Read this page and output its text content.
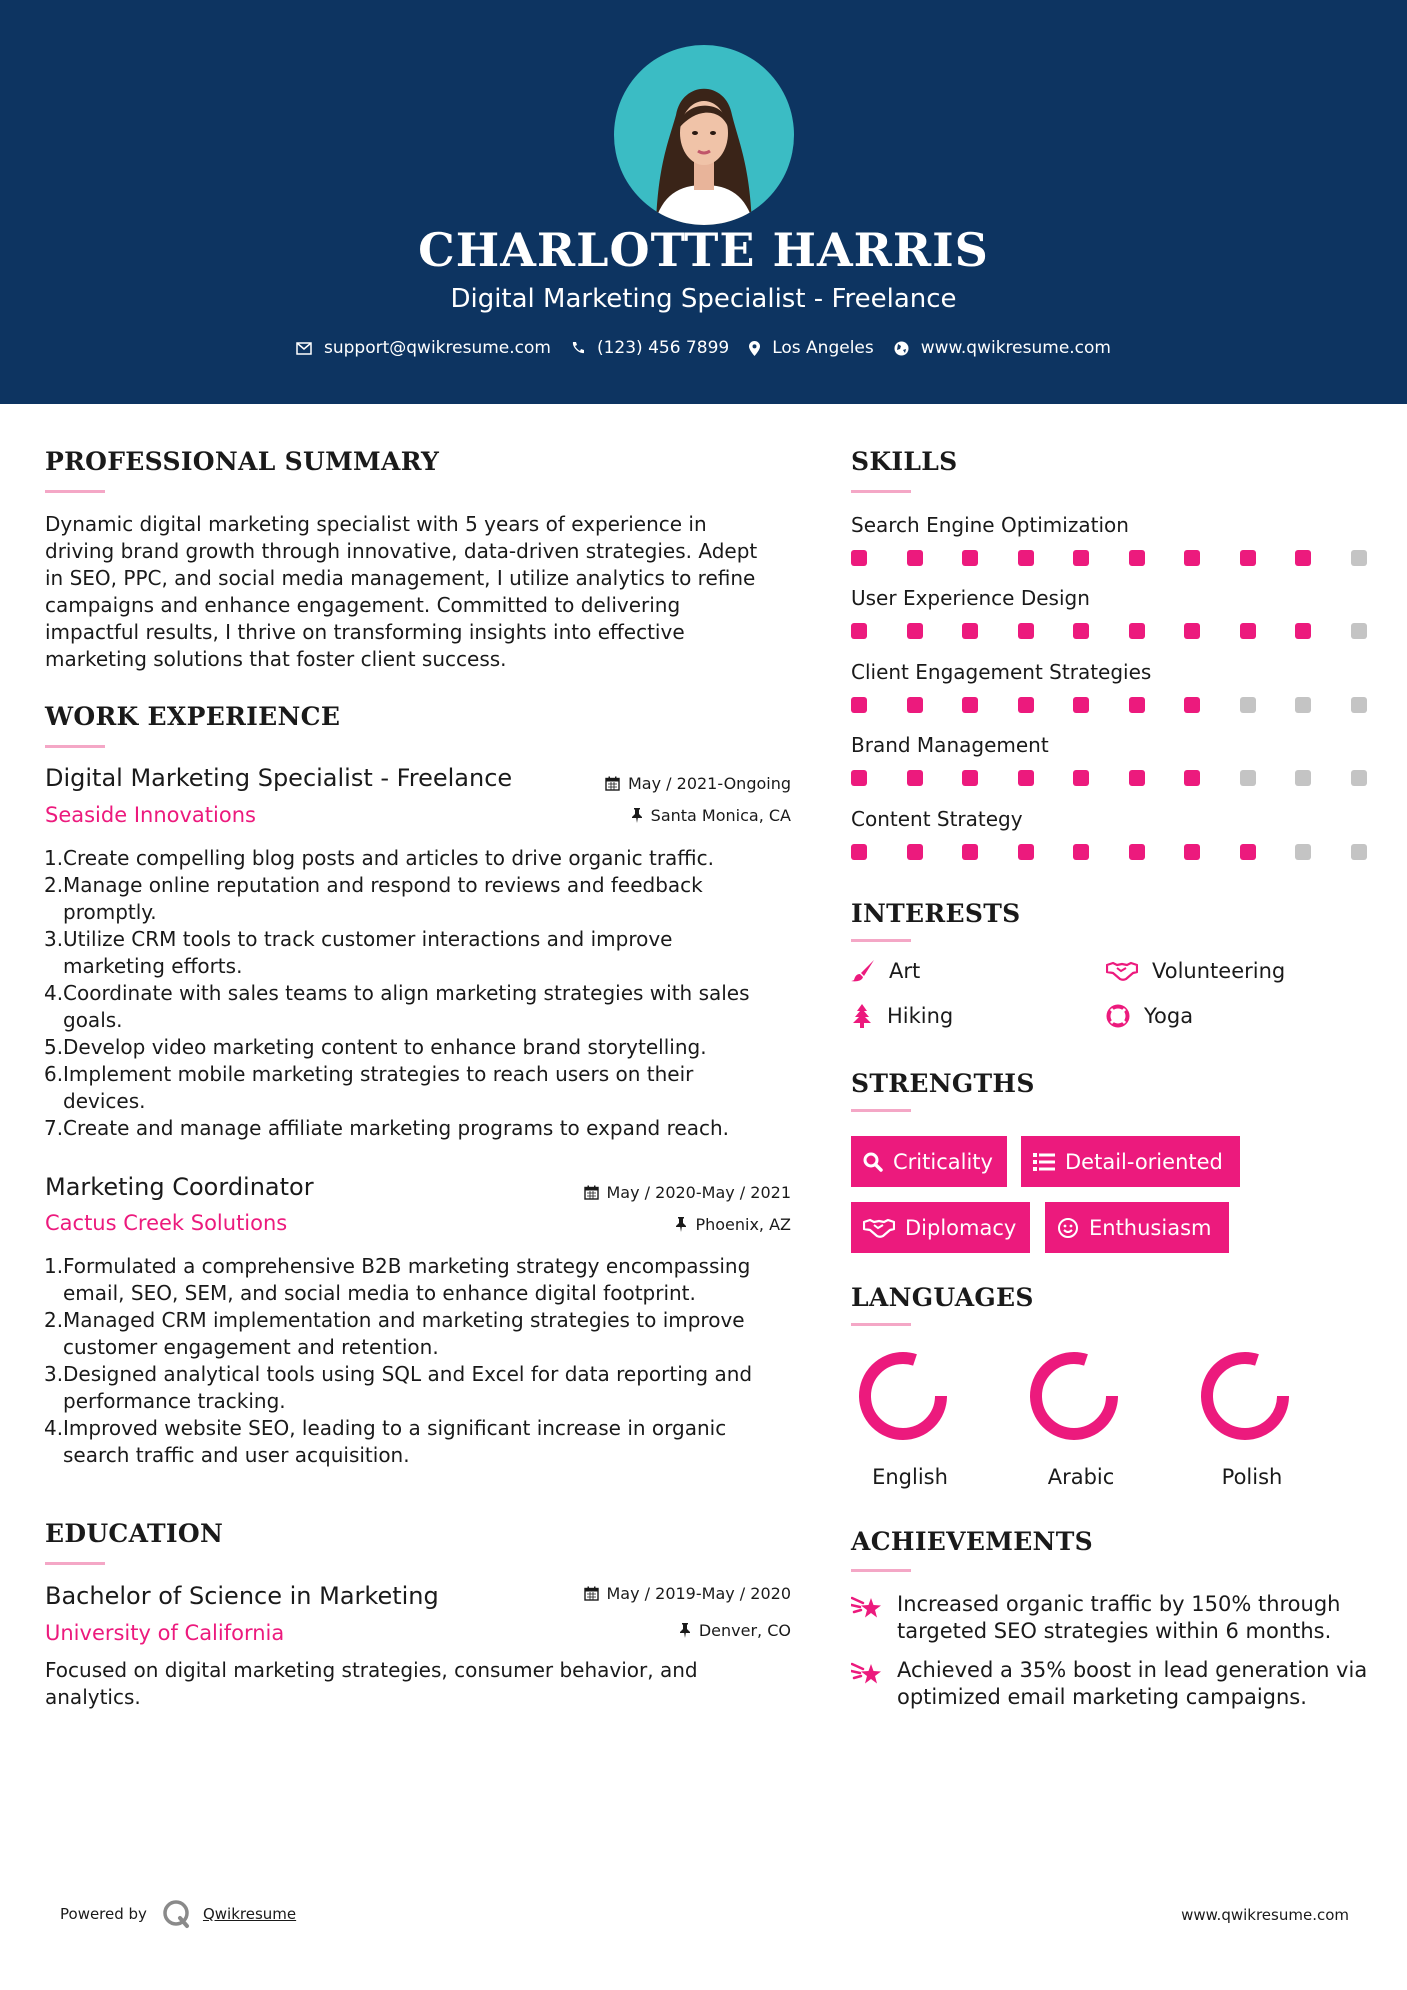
CHARLOTTE HARRIS
Digital Marketing Specialist - Freelance
support@qwikresume.com	(123) 456 7899	Los Angeles	www.qwikresume.com
PROFESSIONAL SUMMARY
Dynamic digital marketing specialist with 5 years of experience in
driving brand growth through innovative, data-driven strategies. Adept
in SEO, PPC, and social media management, I utilize analytics to refine
campaigns and enhance engagement. Committed to delivering
impactful results, I thrive on transforming insights into effective
marketing solutions that foster client success.
WORK EXPERIENCE
Digital Marketing Specialist - Freelance	May / 2021-Ongoing
Seaside Innovations	Santa Monica, CA
1. Create compelling blog posts and articles to drive organic traffic.
2. Manage online reputation and respond to reviews and feedback
promptly.
3. Utilize CRM tools to track customer interactions and improve
marketing efforts.
4. Coordinate with sales teams to align marketing strategies with sales
goals.
5. Develop video marketing content to enhance brand storytelling.
6. Implement mobile marketing strategies to reach users on their
devices.
7. Create and manage affiliate marketing programs to expand reach.
Marketing Coordinator	May / 2020-May / 2021
Cactus Creek Solutions	Phoenix, AZ
1. Formulated a comprehensive B2B marketing strategy encompassing
email, SEO, SEM, and social media to enhance digital footprint.
2. Managed CRM implementation and marketing strategies to improve
customer engagement and retention.
3. Designed analytical tools using SQL and Excel for data reporting and
performance tracking.
4. Improved website SEO, leading to a significant increase in organic
search traffic and user acquisition.
EDUCATION
Bachelor of Science in Marketing	May / 2019-May / 2020
University of California	Denver, CO
Focused on digital marketing strategies, consumer behavior, and
analytics.
SKILLS
Search Engine Optimization
User Experience Design
Client Engagement Strategies
Brand Management
Content Strategy
INTERESTS
Art	Volunteering
Hiking	Yoga
STRENGTHS
Criticality	Detail-oriented
Diplomacy	Enthusiasm
LANGUAGES
English	Arabic	Polish
ACHIEVEMENTS
Increased organic traffic by 150% through
targeted SEO strategies within 6 months.
Achieved a 35% boost in lead generation via
optimized email marketing campaigns.
Powered by	Qwikresume	www.qwikresume.com
